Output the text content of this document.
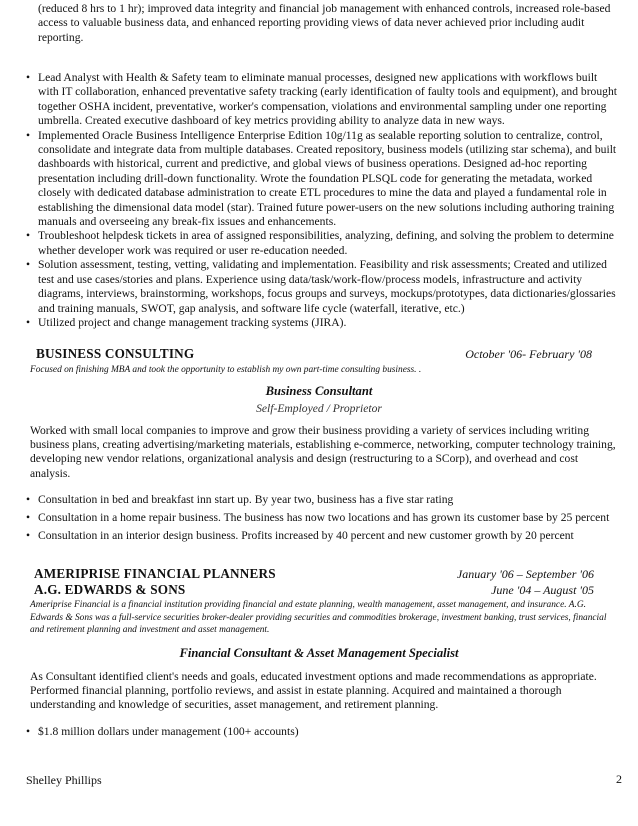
(reduced 8 hrs to 1 hr); improved data integrity and financial job management with enhanced controls, increased role-based access to valuable business data, and enhanced reporting providing views of data never achieved prior including audit reporting.
• Lead Analyst with Health & Safety team to eliminate manual processes, designed new applications with workflows built with IT collaboration, enhanced preventative safety tracking (early identification of faulty tools and equipment), and brought together OSHA incident, preventative, worker's compensation, violations and environmental sampling under one reporting umbrella. Created executive dashboard of key metrics providing ability to analyze data in new ways.
• Implemented Oracle Business Intelligence Enterprise Edition 10g/11g as sealable reporting solution to centralize, control, consolidate and integrate data from multiple databases. Created repository, business models (utilizing star schema), and built dashboards with historical, current and predictive, and global views of business operations. Designed ad-hoc reporting presentation including drill-down functionality. Wrote the foundation PLSQL code for generating the metadata, worked closely with dedicated database administration to create ETL procedures to mine the data and played a fundamental role in establishing the dimensional data model (star). Trained future power-users on the new solutions including authoring training manuals and overseeing any break-fix issues and enhancements.
• Troubleshoot helpdesk tickets in area of assigned responsibilities, analyzing, defining, and solving the problem to determine whether developer work was required or user re-education needed.
• Solution assessment, testing, vetting, validating and implementation. Feasibility and risk assessments; Created and utilized test and use cases/stories and plans. Experience using data/task/work-flow/process models, infrastructure and activity diagrams, interviews, brainstorming, workshops, focus groups and surveys, mockups/prototypes, data dictionaries/glossaries and training manuals, SWOT, gap analysis, and software life cycle (waterfall, iterative, etc.)
• Utilized project and change management tracking systems (JIRA).
BUSINESS CONSULTING	October '06- February '08
Focused on finishing MBA and took the opportunity to establish my own part-time consulting business. .
Business Consultant
Self-Employed / Proprietor
Worked with small local companies to improve and grow their business providing a variety of services including writing business plans, creating advertising/marketing materials, establishing e-commerce, networking, computer technology training, developing new vendor relations, organizational analysis and design (restructuring to a SCorp), and overhead and cost analysis.
• Consultation in bed and breakfast inn start up. By year two, business has a five star rating
• Consultation in a home repair business. The business has now two locations and has grown its customer base by 25 percent
• Consultation in an interior design business. Profits increased by 40 percent and new customer growth by 20 percent
AMERIPRISE FINANCIAL PLANNERS	January '06 – September '06
A.G. EDWARDS & SONS	June '04 – August '05
Ameriprise Financial is a financial institution providing financial and estate planning, wealth management, asset management, and insurance. A.G. Edwards & Sons was a full-service securities broker-dealer providing securities and commodities brokerage, investment banking, trust services, financial and retirement planning and investment and asset management.
Financial Consultant & Asset Management Specialist
As Consultant identified client's needs and goals, educated investment options and made recommendations as appropriate. Performed financial planning, portfolio reviews, and assist in estate planning. Acquired and maintained a thorough understanding and knowledge of securities, asset management, and retirement planning.
• $1.8 million dollars under management (100+ accounts)
Shelley Phillips	2
